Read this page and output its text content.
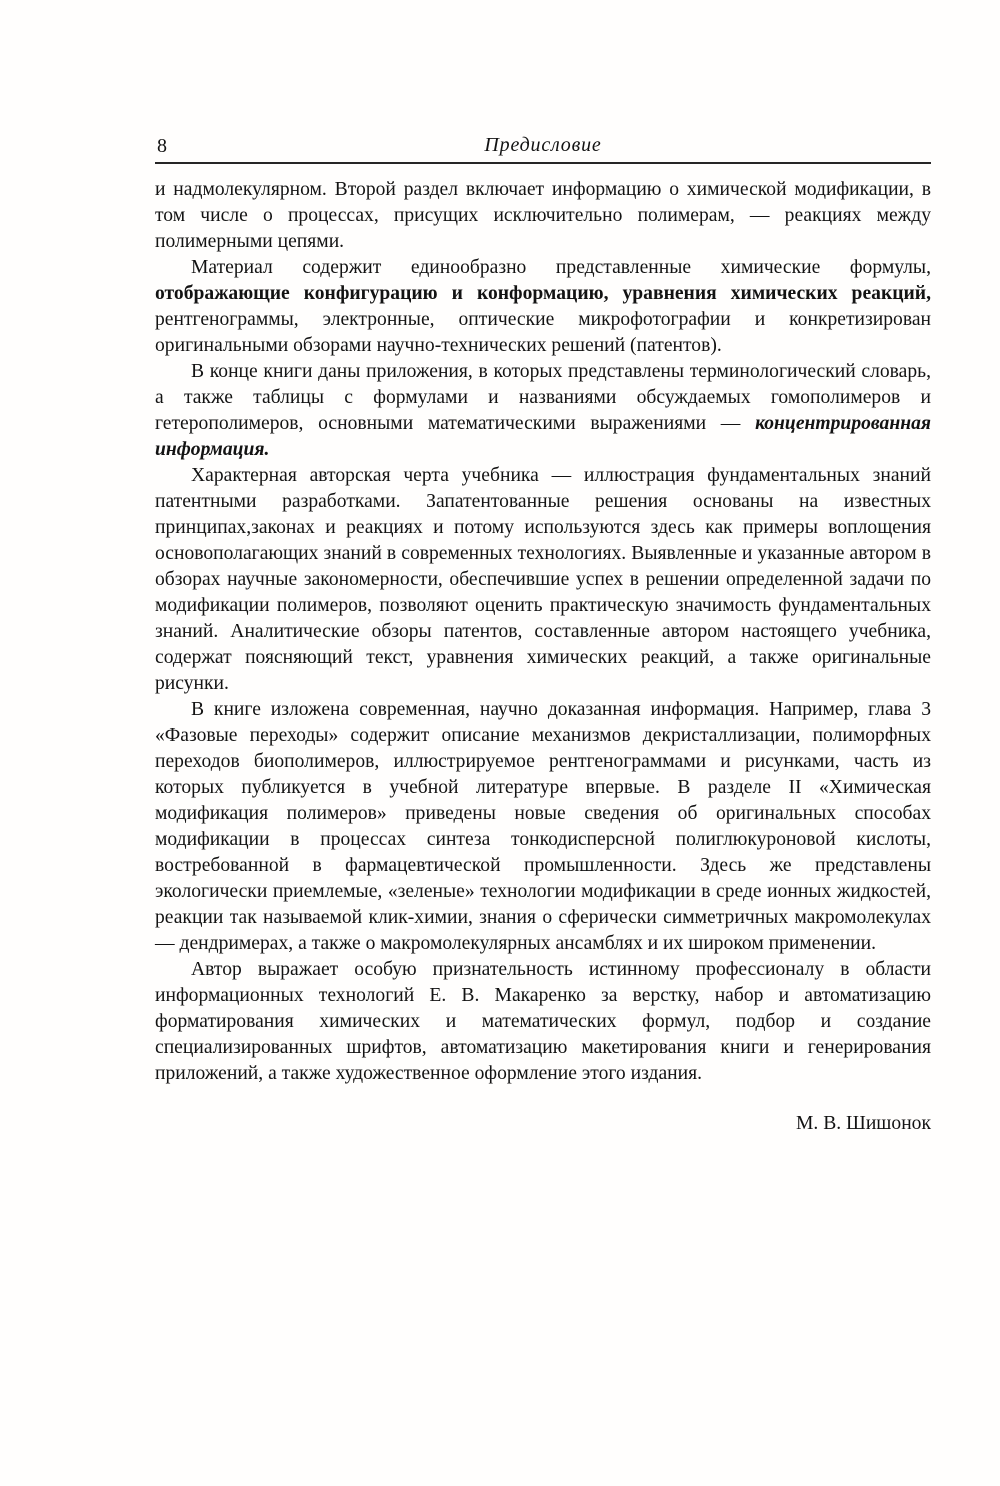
8	Предисловие

и надмолекулярном. Второй раздел включает информацию о химической модификации, в том числе о процессах, присущих исключительно полимерам, — реакциях между полимерными цепями.

Материал содержит единообразно представленные химические формулы, отображающие конфигурацию и конформацию, уравнения химических реакций, рентгенограммы, электронные, оптические микрофотографии и конкретизирован оригинальными обзорами научно-технических решений (патентов).

В конце книги даны приложения, в которых представлены терминологический словарь, а также таблицы с формулами и названиями обсуждаемых гомополимеров и гетерополимеров, основными математическими выражениями — концентрированная информация.

Характерная авторская черта учебника — иллюстрация фундаментальных знаний патентными разработками. Запатентованные решения основаны на известных принципах,законах и реакциях и потому используются здесь как примеры воплощения основополагающих знаний в современных технологиях. Выявленные и указанные автором в обзорах научные закономерности, обеспечившие успех в решении определенной задачи по модификации полимеров, позволяют оценить практическую значимость фундаментальных знаний. Аналитические обзоры патентов, составленные автором настоящего учебника, содержат поясняющий текст, уравнения химических реакций, а также оригинальные рисунки.

В книге изложена современная, научно доказанная информация. Например, глава 3 «Фазовые переходы» содержит описание механизмов декристаллизации, полиморфных переходов биополимеров, иллюстрируемое рентгенограммами и рисунками, часть из которых публикуется в учебной литературе впервые. В разделе II «Химическая модификация полимеров» приведены новые сведения об оригинальных способах модификации в процессах синтеза тонкодисперсной полиглюкуроновой кислоты, востребованной в фармацевтической промышленности. Здесь же представлены экологически приемлемые, «зеленые» технологии модификации в среде ионных жидкостей, реакции так называемой клик-химии, знания о сферически симметричных макромолекулах — дендримерах, а также о макромолекулярных ансамблях и их широком применении.

Автор выражает особую признательность истинному профессионалу в области информационных технологий Е. В. Макаренко за верстку, набор и автоматизацию форматирования химических и математических формул, подбор и создание специализированных шрифтов, автоматизацию макетирования книги и генерирования приложений, а также художественное оформление этого издания.

М. В. Шишонок
